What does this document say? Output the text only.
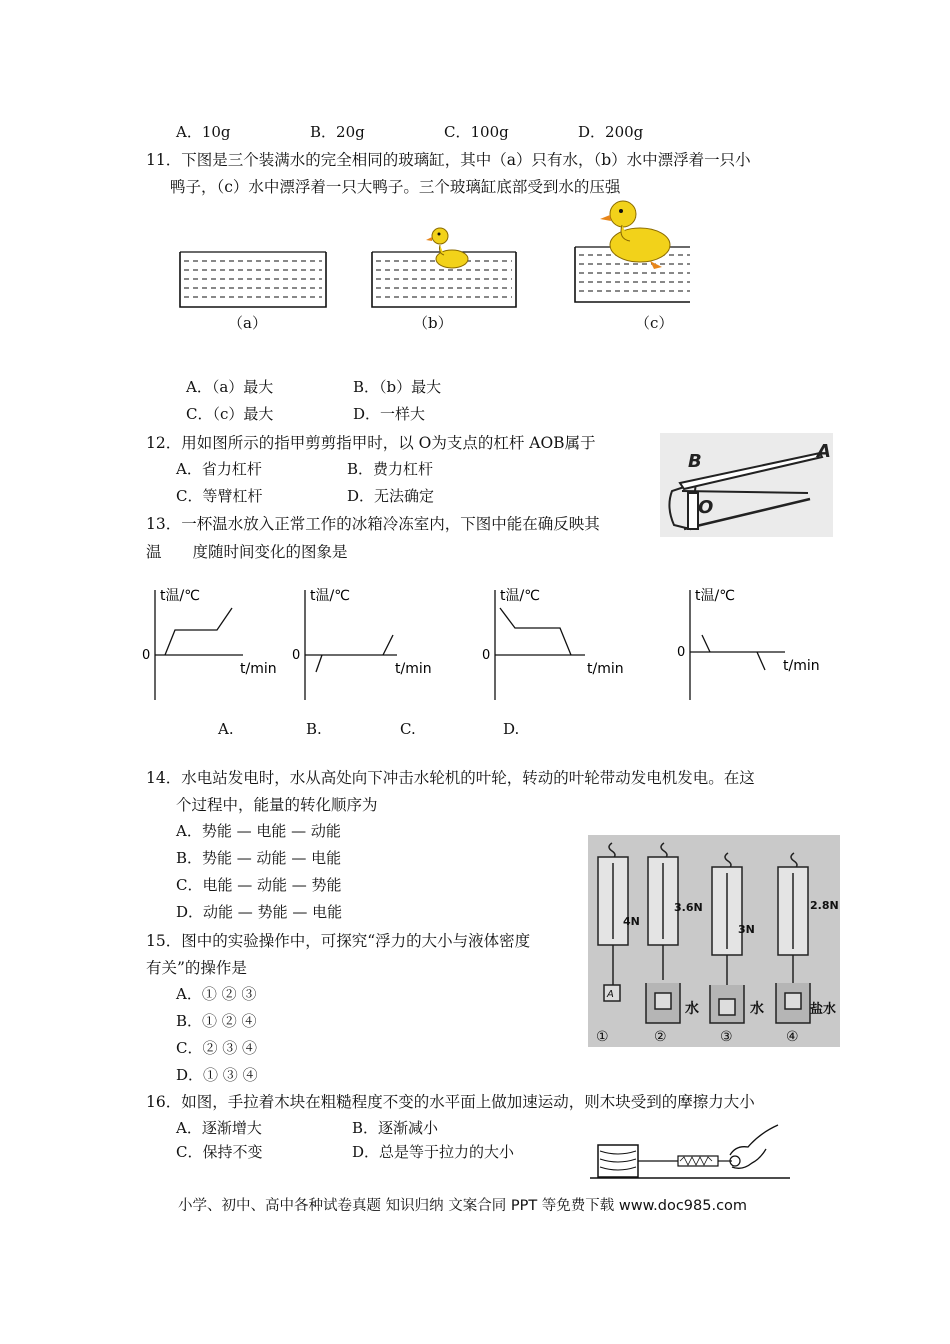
A．10g	B．20g	C．100g	D．200g
11．下图是三个装满水的完全相同的玻璃缸，其中（a）只有水，（b）水中漂浮着一只小
鸭子，（c）水中漂浮着一只大鸭子。三个玻璃缸底部受到水的压强
（a）	（b）	（c）
A．（a）最大	B．（b）最大
C．（c）最大	D．一样大
12．用如图所示的指甲剪剪指甲时，以 O为支点的杠杆 AOB属于
A．省力杠杆	B．费力杠杆
C．等臂杠杆	D．无法确定
B	A
O
13．一杯温水放入正常工作的冰箱冷冻室内，下图中能在确反映其
温　　度随时间变化的图象是
t温/℃
0
t/min
t温/℃
0
t/min
t温/℃
0
t/min
t温/℃
0
t/min
A.	B.	C.	D.
14．水电站发电时，水从高处向下冲击水轮机的叶轮，转动的叶轮带动发电机发电。在这
个过程中，能量的转化顺序为
A．势能 — 电能 — 动能
B．势能 — 动能 — 电能
C．电能 — 动能 — 势能
D．动能 — 势能 — 电能
15．图中的实验操作中，可探究“浮力的大小与液体密度
有关”的操作是
A．① ② ③
B．① ② ④
C．② ③ ④
D．① ③ ④
4N
A
3.6N
3N
2.8N
水	水	盐水
①	②	③	④
16．如图，手拉着木块在粗糙程度不变的水平面上做加速运动，则木块受到的摩擦力大小
A．逐渐增大	B．逐渐减小
C．保持不变	D．总是等于拉力的大小
小学、初中、高中各种试卷真题 知识归纳 文案合同 PPT 等免费下载 www.doc985.com
